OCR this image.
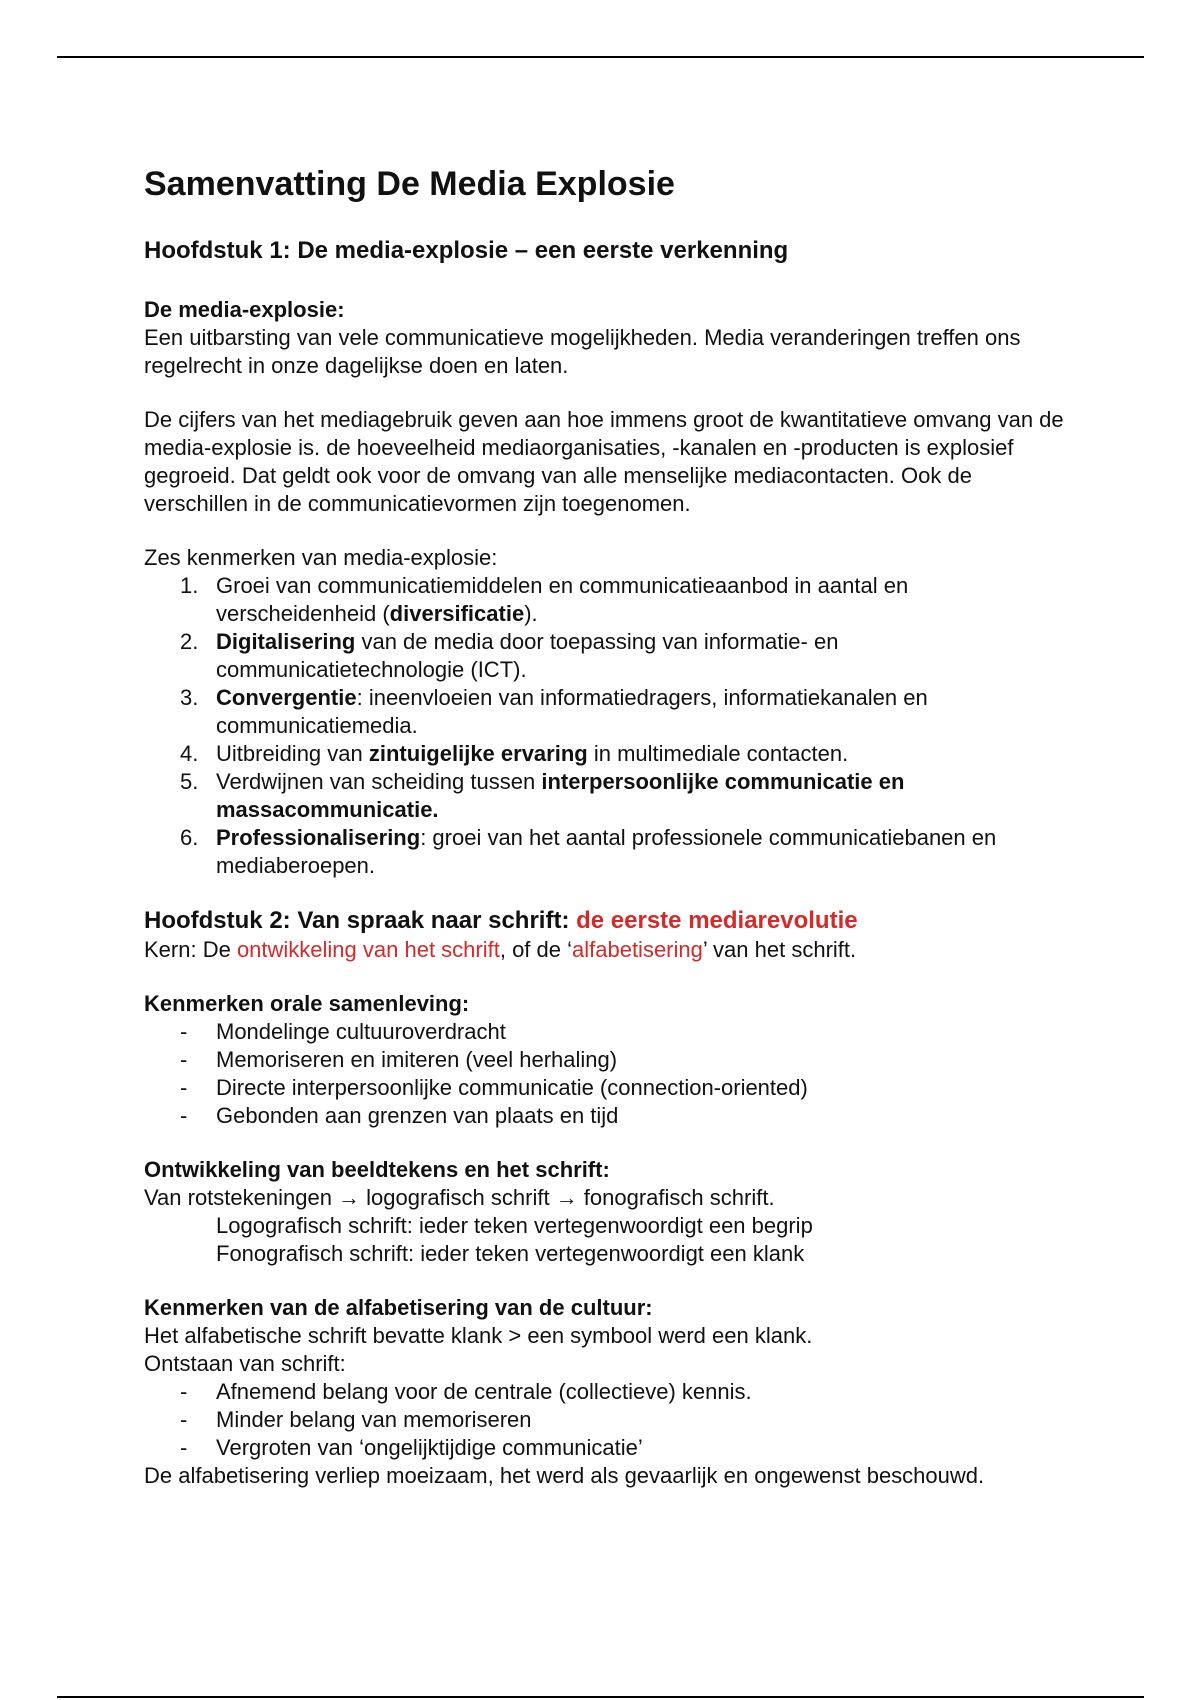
Samenvatting De Media Explosie
Hoofdstuk 1: De media-explosie – een eerste verkenning

De media-explosie:

Een uitbarsting van vele communicatieve mogelijkheden. Media veranderingen treffen ons regelrecht in onze dagelijkse doen en laten.

De cijfers van het mediagebruik geven aan hoe immens groot de kwantitatieve omvang van de media-explosie is. de hoeveelheid mediaorganisaties, -kanalen en -producten is explosief gegroeid. Dat geldt ook voor de omvang van alle menselijke mediacontacten. Ook de verschillen in de communicatievormen zijn toegenomen.

Zes kenmerken van media-explosie:

1. Groei van communicatiemiddelen en communicatieaanbod in aantal en verscheidenheid (diversificatie).
2. Digitalisering van de media door toepassing van informatie- en communicatietechnologie (ICT).
3. Convergentie: ineenvloeien van informatiedragers, informatiekanalen en communicatiemedia.
4. Uitbreiding van zintuigelijke ervaring in multimediale contacten.
5. Verdwijnen van scheiding tussen interpersoonlijke communicatie en massacommunicatie.
6. Professionalisering: groei van het aantal professionele communicatiebanen en mediaberoepen.
Hoofdstuk 2: Van spraak naar schrift: de eerste mediarevolutie

Kern: De ontwikkeling van het schrift, of de ‘alfabetisering’ van het schrift.

Kenmerken orale samenleving:

- Mondelinge cultuuroverdracht
- Memoriseren en imiteren (veel herhaling)
- Directe interpersoonlijke communicatie (connection-oriented)
- Gebonden aan grenzen van plaats en tijd

Ontwikkeling van beeldtekens en het schrift:

Van rotstekeningen → logografisch schrift → fonografisch schrift.

Logografisch schrift: ieder teken vertegenwoordigt een begrip

Fonografisch schrift: ieder teken vertegenwoordigt een klank

Kenmerken van de alfabetisering van de cultuur:

Het alfabetische schrift bevatte klank > een symbool werd een klank.

Ontstaan van schrift:

- Afnemend belang voor de centrale (collectieve) kennis.
- Minder belang van memoriseren
- Vergroten van ‘ongelijktijdige communicatie’

De alfabetisering verliep moeizaam, het werd als gevaarlijk en ongewenst beschouwd.
